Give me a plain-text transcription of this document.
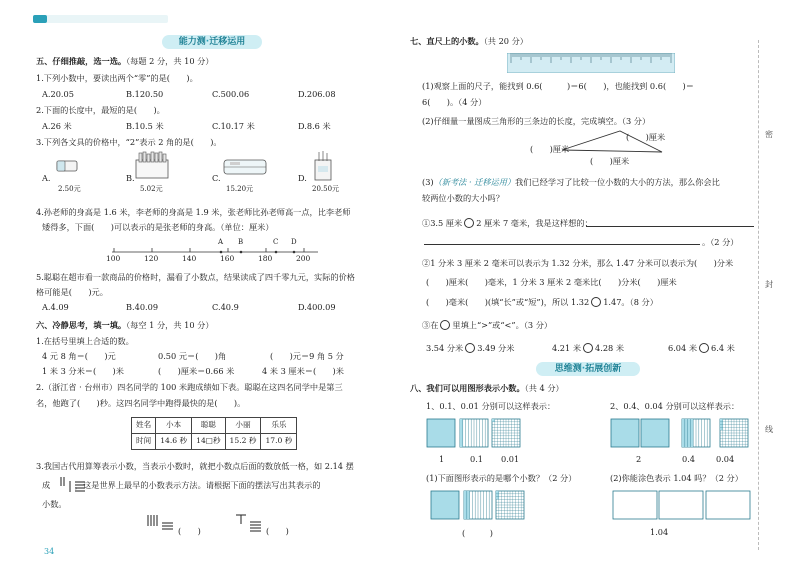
能力测·迁移运用
五、仔细推敲，选一选。（每题 2 分，共 10 分）
1.下列小数中，要读出两个“零”的是(　　)。
A.20.05	B.120.50	C.500.06	D.206.08
2.下面的长度中，最短的是(　　)。
A.26 米	B.10.5 米	C.10.17 米	D.8.6 米
3.下列各文具的价格中，“2”表示 2 角的是(　　)。
A.
2.50元
B.
5.02元
C.
15.20元
D.
20.50元
4.孙老师的身高是 1.6 米，李老师的身高是 1.9 米，张老师比孙老师高一点，比李老师
矮得多，下面(　　)可以表示的是张老师的身高。（单位：厘米）
A B	C D
100	120	140	160	180	200
5.聪聪在超市看一款商品的价格时，漏看了小数点，结果读成了四千零九元，实际的价格
格可能是(　　)元。
A.4.09	B.40.09	C.40.9	D.400.09
六、冷静思考，填一填。（每空 1 分，共 10 分）
1.在括号里填上合适的数。
4 元 8 角＝(　　)元	0.50 元＝(　　)角	(　　)元＝9 角 5 分
1 米 3 分米＝(　　)米	(　　)厘米＝0.66 米	4 米 3 厘米＝(　　)米
2.（浙江省 · 台州市）四名同学的 100 米跑成绩如下表。聪聪在这四名同学中是第三
名，他跑了(　　)秒。这四名同学中跑得最快的是(　　)。
姓名	小本	聪聪	小丽	乐乐
时间	14.6 秒	14□秒	15.2 秒	17.0 秒
3.我国古代用算筹表示小数，当表示小数时，就把小数点后面的数放低一格，如 2.14 摆
成　　　，这是世界上最早的小数表示方法。请根据下面的摆法写出其表示的
小数。
(　　)	(　　)
34
七、直尺上的小数。（共 20 分）
(1)观察上面的尺子，能找到 0.6(　　　)＝6(　　)，也能找到 0.6(　　)＝
6(　　)。（4 分）
(2)仔细量一量图成三角形的三条边的长度，完成填空。（3 分）
(　　)厘米
(　　)厘米
(　　)厘米
(3)（新考法 · 迁移运用）我们已经学习了比较一位小数的大小的方法，那么你会比
较两位小数的大小吗？
①3.5 厘米 2 厘米 7 毫米，我是这样想的：
。（2 分）
②1 分米 3 厘米 2 毫米可以表示为 1.32 分米，那么 1.47 分米可以表示为(　　)分米
(　　)厘米(　　)毫米，1 分米 3 厘米 2 毫米比(　　)分米(　　)厘米
(　　)毫米(　　)(填“长”或“短”)，所以 1.32 1.47。（8 分）
③在 里填上“>”或“<”。（3 分）
3.54 分米 3.49 分米	4.21 米 4.28 米	6.04 米 6.4 米
思维测·拓展创新
八、我们可以用图形表示小数。（共 4 分）
1、0.1、0.01 分别可以这样表示：	2、0.4、0.04 分别可以这样表示：
1	0.1 0.01	2	0.4	0.04
(1)下面图形表示的是哪个小数？（2 分）	(2)你能涂色表示 1.04 吗？（2 分）
(　　　)	1.04
密
封
线
